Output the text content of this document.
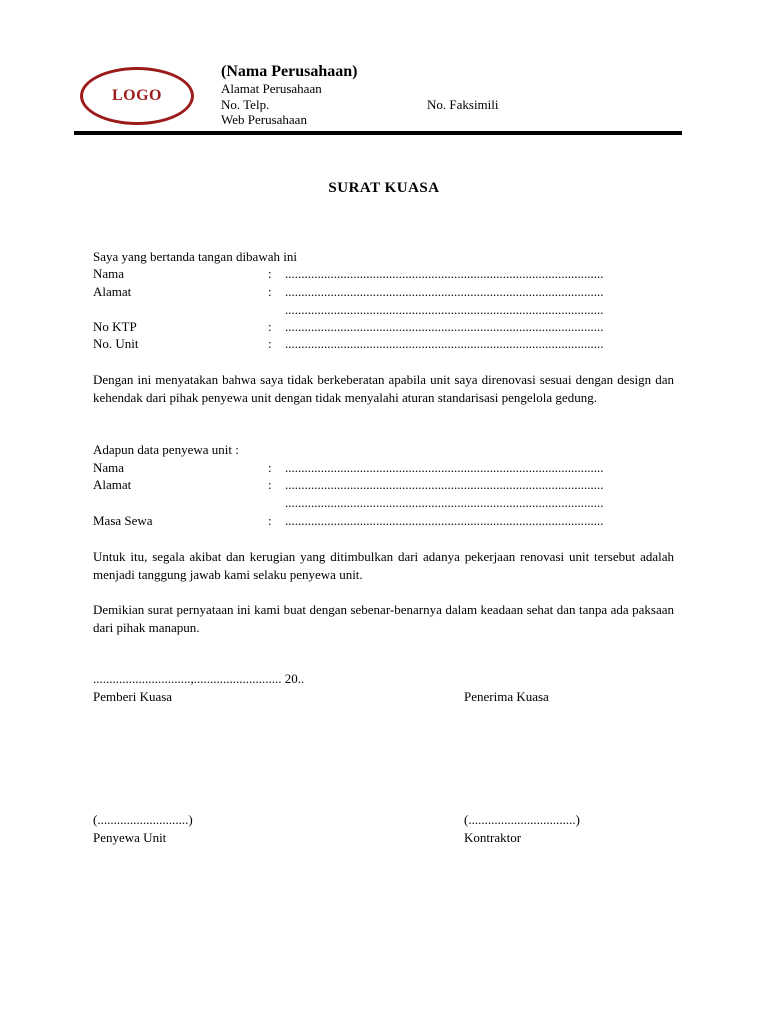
LOGO
(Nama Perusahaan)
Alamat Perusahaan
No. Telp.	No. Faksimili
Web Perusahaan
SURAT KUASA
Saya yang bertanda tangan dibawah ini
Nama	: ..................................................................................................
Alamat	: ..................................................................................................
..................................................................................................
No KTP	: ..................................................................................................
No. Unit	: ..................................................................................................
Dengan ini menyatakan bahwa saya tidak berkeberatan apabila unit saya direnovasi sesuai dengan design dan kehendak dari pihak penyewa unit dengan tidak menyalahi aturan standarisasi pengelola gedung.
Adapun data penyewa unit :
Nama	: ..................................................................................................
Alamat	: ..................................................................................................
..................................................................................................
Masa Sewa	: ..................................................................................................
Untuk itu, segala akibat dan kerugian yang ditimbulkan dari adanya pekerjaan renovasi unit tersebut adalah menjadi tanggung jawab kami selaku penyewa unit.
Demikian surat pernyataan ini kami buat dengan sebenar-benarnya dalam keadaan sehat dan tanpa ada paksaan dari pihak manapun.
..............................,........................... 20..
Pemberi Kuasa	Penerima Kuasa
(............................)	(.................................)
Penyewa Unit	Kontraktor
